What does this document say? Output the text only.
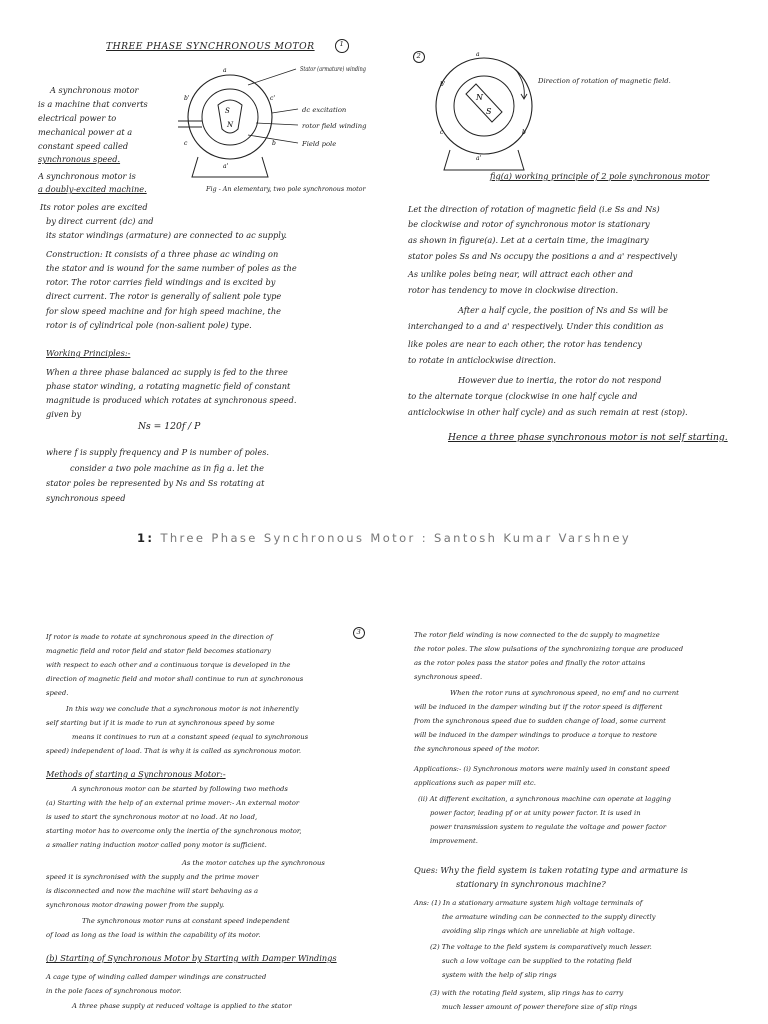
THREE PHASE SYNCHRONOUS MOTOR	1
A synchronous motor
is a machine that converts
electrical power to
mechanical power at a
constant speed called
synchronous speed.
A synchronous motor is
a doubly-excited machine.
Its rotor poles are excited
by direct current (dc) and
its stator windings (armature) are connected to ac supply.
S
N
a
b'	c'
c	b
a'
Stator (armature) winding
dc excitation
rotor field winding
Field pole
Fig - An elementary, two pole synchronous motor
Construction: It consists of a three phase ac winding on
the stator and is wound for the same number of poles as the
rotor. The rotor carries field windings and is excited by
direct current. The rotor is generally of salient pole type
for slow speed machine and for high speed machine, the
rotor is of cylindrical pole (non-salient pole) type.
Working Principles:-
When a three phase balanced ac supply is fed to the three
phase stator winding, a rotating magnetic field of constant
magnitude is produced which rotates at synchronous speed.
given by
Ns = 120f / P
where f is supply frequency and P is number of poles.
consider a two pole machine as in fig a. let the
stator poles be represented by Ns and Ss rotating at
synchronous speed
2
N
S
a
b'
c	b
a'
Direction of rotation of magnetic field.
fig(a) working principle of 2 pole synchronous motor
Let the direction of rotation of magnetic field (i.e Ss and Ns)
be clockwise and rotor of synchronous motor is stationary
as shown in figure(a). Let at a certain time, the imaginary
stator poles Ss and Ns occupy the positions a and a' respectively
As unlike poles being near, will attract each other and
rotor has tendency to move in clockwise direction.
After a half cycle, the position of Ns and Ss will be
interchanged to a and a' respectively. Under this condition as
like poles are near to each other, the rotor has tendency
to rotate in anticlockwise direction.
However due to inertia, the rotor do not respond
to the alternate torque (clockwise in one half cycle and
anticlockwise in other half cycle) and as such remain at rest (stop).
Hence a three phase synchronous motor is not self starting.
1: Three Phase Synchronous Motor : Santosh Kumar Varshney
3
If rotor is made to rotate at synchronous speed in the direction of
magnetic field and rotor field and stator field becomes stationary
with respect to each other and a continuous torque is developed in the
direction of magnetic field and motor shall continue to run at synchronous
speed.
In this way we conclude that a synchronous motor is not inherently
self starting but if it is made to run at synchronous speed by some
means it continues to run at a constant speed (equal to synchronous
speed) independent of load. That is why it is called as synchronous motor.
Methods of starting a Synchronous Motor:-
A synchronous motor can be started by following two methods
(a) Starting with the help of an external prime mover:- An external motor
is used to start the synchronous motor at no load. At no load,
starting motor has to overcome only the inertia of the synchronous motor,
a smaller rating induction motor called pony motor is sufficient.
As the motor catches up the synchronous
speed it is synchronised with the supply and the prime mover
is disconnected and now the machine will start behaving as a
synchronous motor drawing power from the supply.
The synchronous motor runs at constant speed independent
of load as long as the load is within the capability of its motor.
(b) Starting of Synchronous Motor by Starting with Damper Windings
A cage type of winding called damper windings are constructed
in the pole faces of synchronous motor.
A three phase supply at reduced voltage is applied to the stator
The rotor field winding is now connected to the dc supply to magnetize
the rotor poles. The slow pulsations of the synchronizing torque are produced
as the rotor poles pass the stator poles and finally the rotor attains
synchronous speed.
When the rotor runs at synchronous speed, no emf and no current
will be induced in the damper winding but if the rotor speed is different
from the synchronous speed due to sudden change of load, some current
will be induced in the damper windings to produce a torque to restore
the synchronous speed of the motor.
Applications:- (i) Synchronous motors were mainly used in constant speed
applications such as paper mill etc.
(ii) At different excitation, a synchronous machine can operate at lagging
power factor, leading pf or at unity power factor. It is used in
power transmission system to regulate the voltage and power factor
improvement.
Ques: Why the field system is taken rotating type and armature is
stationary in synchronous machine?
Ans: (1) In a stationary armature system high voltage terminals of
the armature winding can be connected to the supply directly
avoiding slip rings which are unreliable at high voltage.
(2) The voltage to the field system is comparatively much lesser.
such a low voltage can be supplied to the rotating field
system with the help of slip rings
(3) with the rotating field system, slip rings has to carry
much lesser amount of power therefore size of slip rings
